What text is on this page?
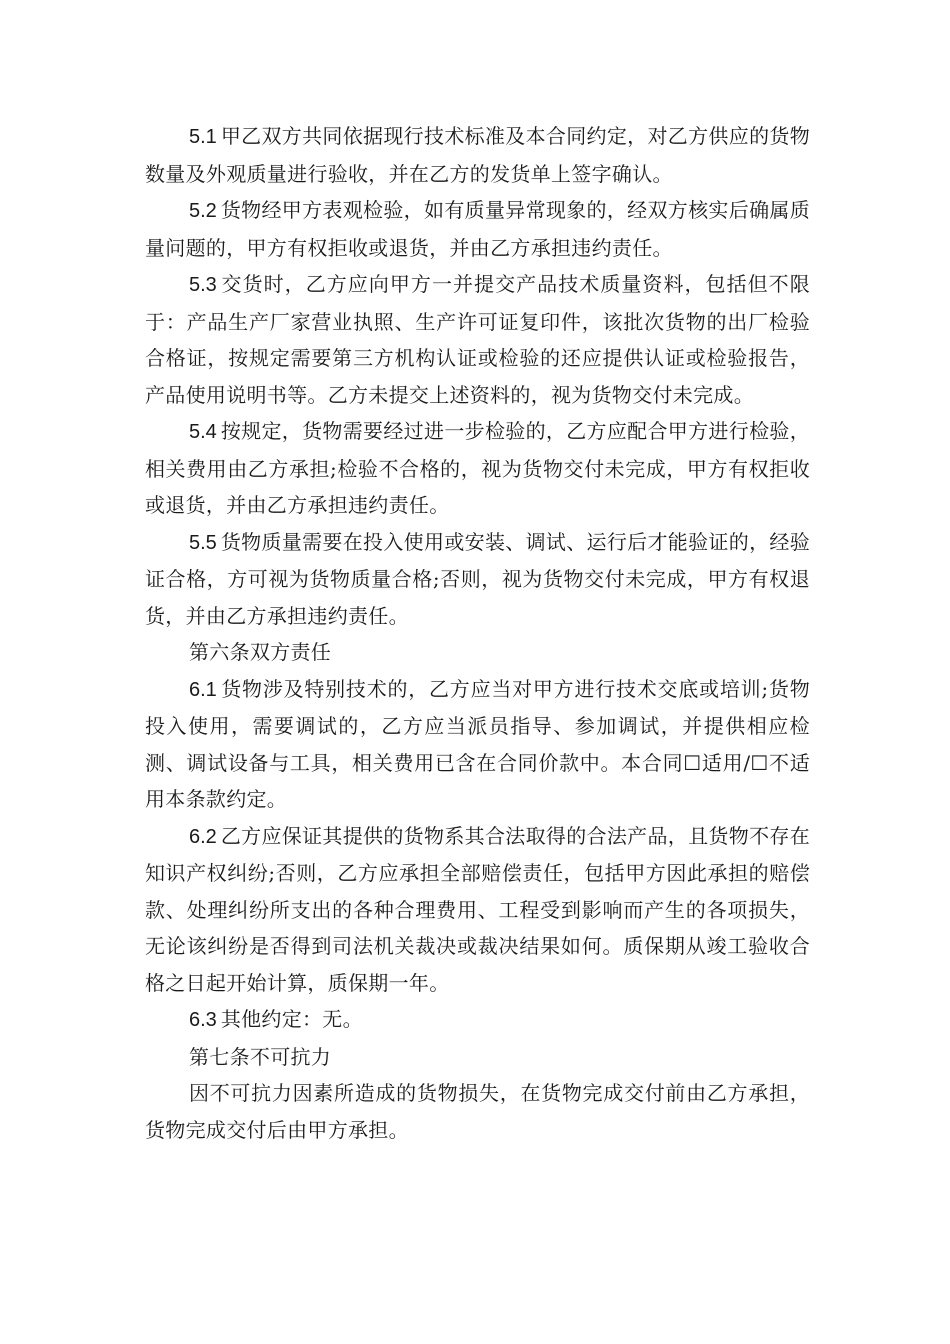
5.1 甲乙双方共同依据现行技术标准及本合同约定，对乙方供应的货物数量及外观质量进行验收，并在乙方的发货单上签字确认。

5.2 货物经甲方表观检验，如有质量异常现象的，经双方核实后确属质量问题的，甲方有权拒收或退货，并由乙方承担违约责任。

5.3 交货时，乙方应向甲方一并提交产品技术质量资料，包括但不限于：产品生产厂家营业执照、生产许可证复印件，该批次货物的出厂检验合格证，按规定需要第三方机构认证或检验的还应提供认证或检验报告，产品使用说明书等。乙方未提交上述资料的，视为货物交付未完成。

5.4 按规定，货物需要经过进一步检验的，乙方应配合甲方进行检验，相关费用由乙方承担;检验不合格的，视为货物交付未完成，甲方有权拒收或退货，并由乙方承担违约责任。

5.5 货物质量需要在投入使用或安装、调试、运行后才能验证的，经验证合格，方可视为货物质量合格;否则，视为货物交付未完成，甲方有权退货，并由乙方承担违约责任。

第六条双方责任

6.1 货物涉及特别技术的，乙方应当对甲方进行技术交底或培训;货物投入使用，需要调试的，乙方应当派员指导、参加调试，并提供相应检测、调试设备与工具，相关费用已含在合同价款中。本合同☐适用/☐不适用本条款约定。

6.2 乙方应保证其提供的货物系其合法取得的合法产品，且货物不存在知识产权纠纷;否则，乙方应承担全部赔偿责任，包括甲方因此承担的赔偿款、处理纠纷所支出的各种合理费用、工程受到影响而产生的各项损失，无论该纠纷是否得到司法机关裁决或裁决结果如何。质保期从竣工验收合格之日起开始计算，质保期一年。

6.3 其他约定：无。

第七条不可抗力

因不可抗力因素所造成的货物损失，在货物完成交付前由乙方承担，货物完成交付后由甲方承担。
